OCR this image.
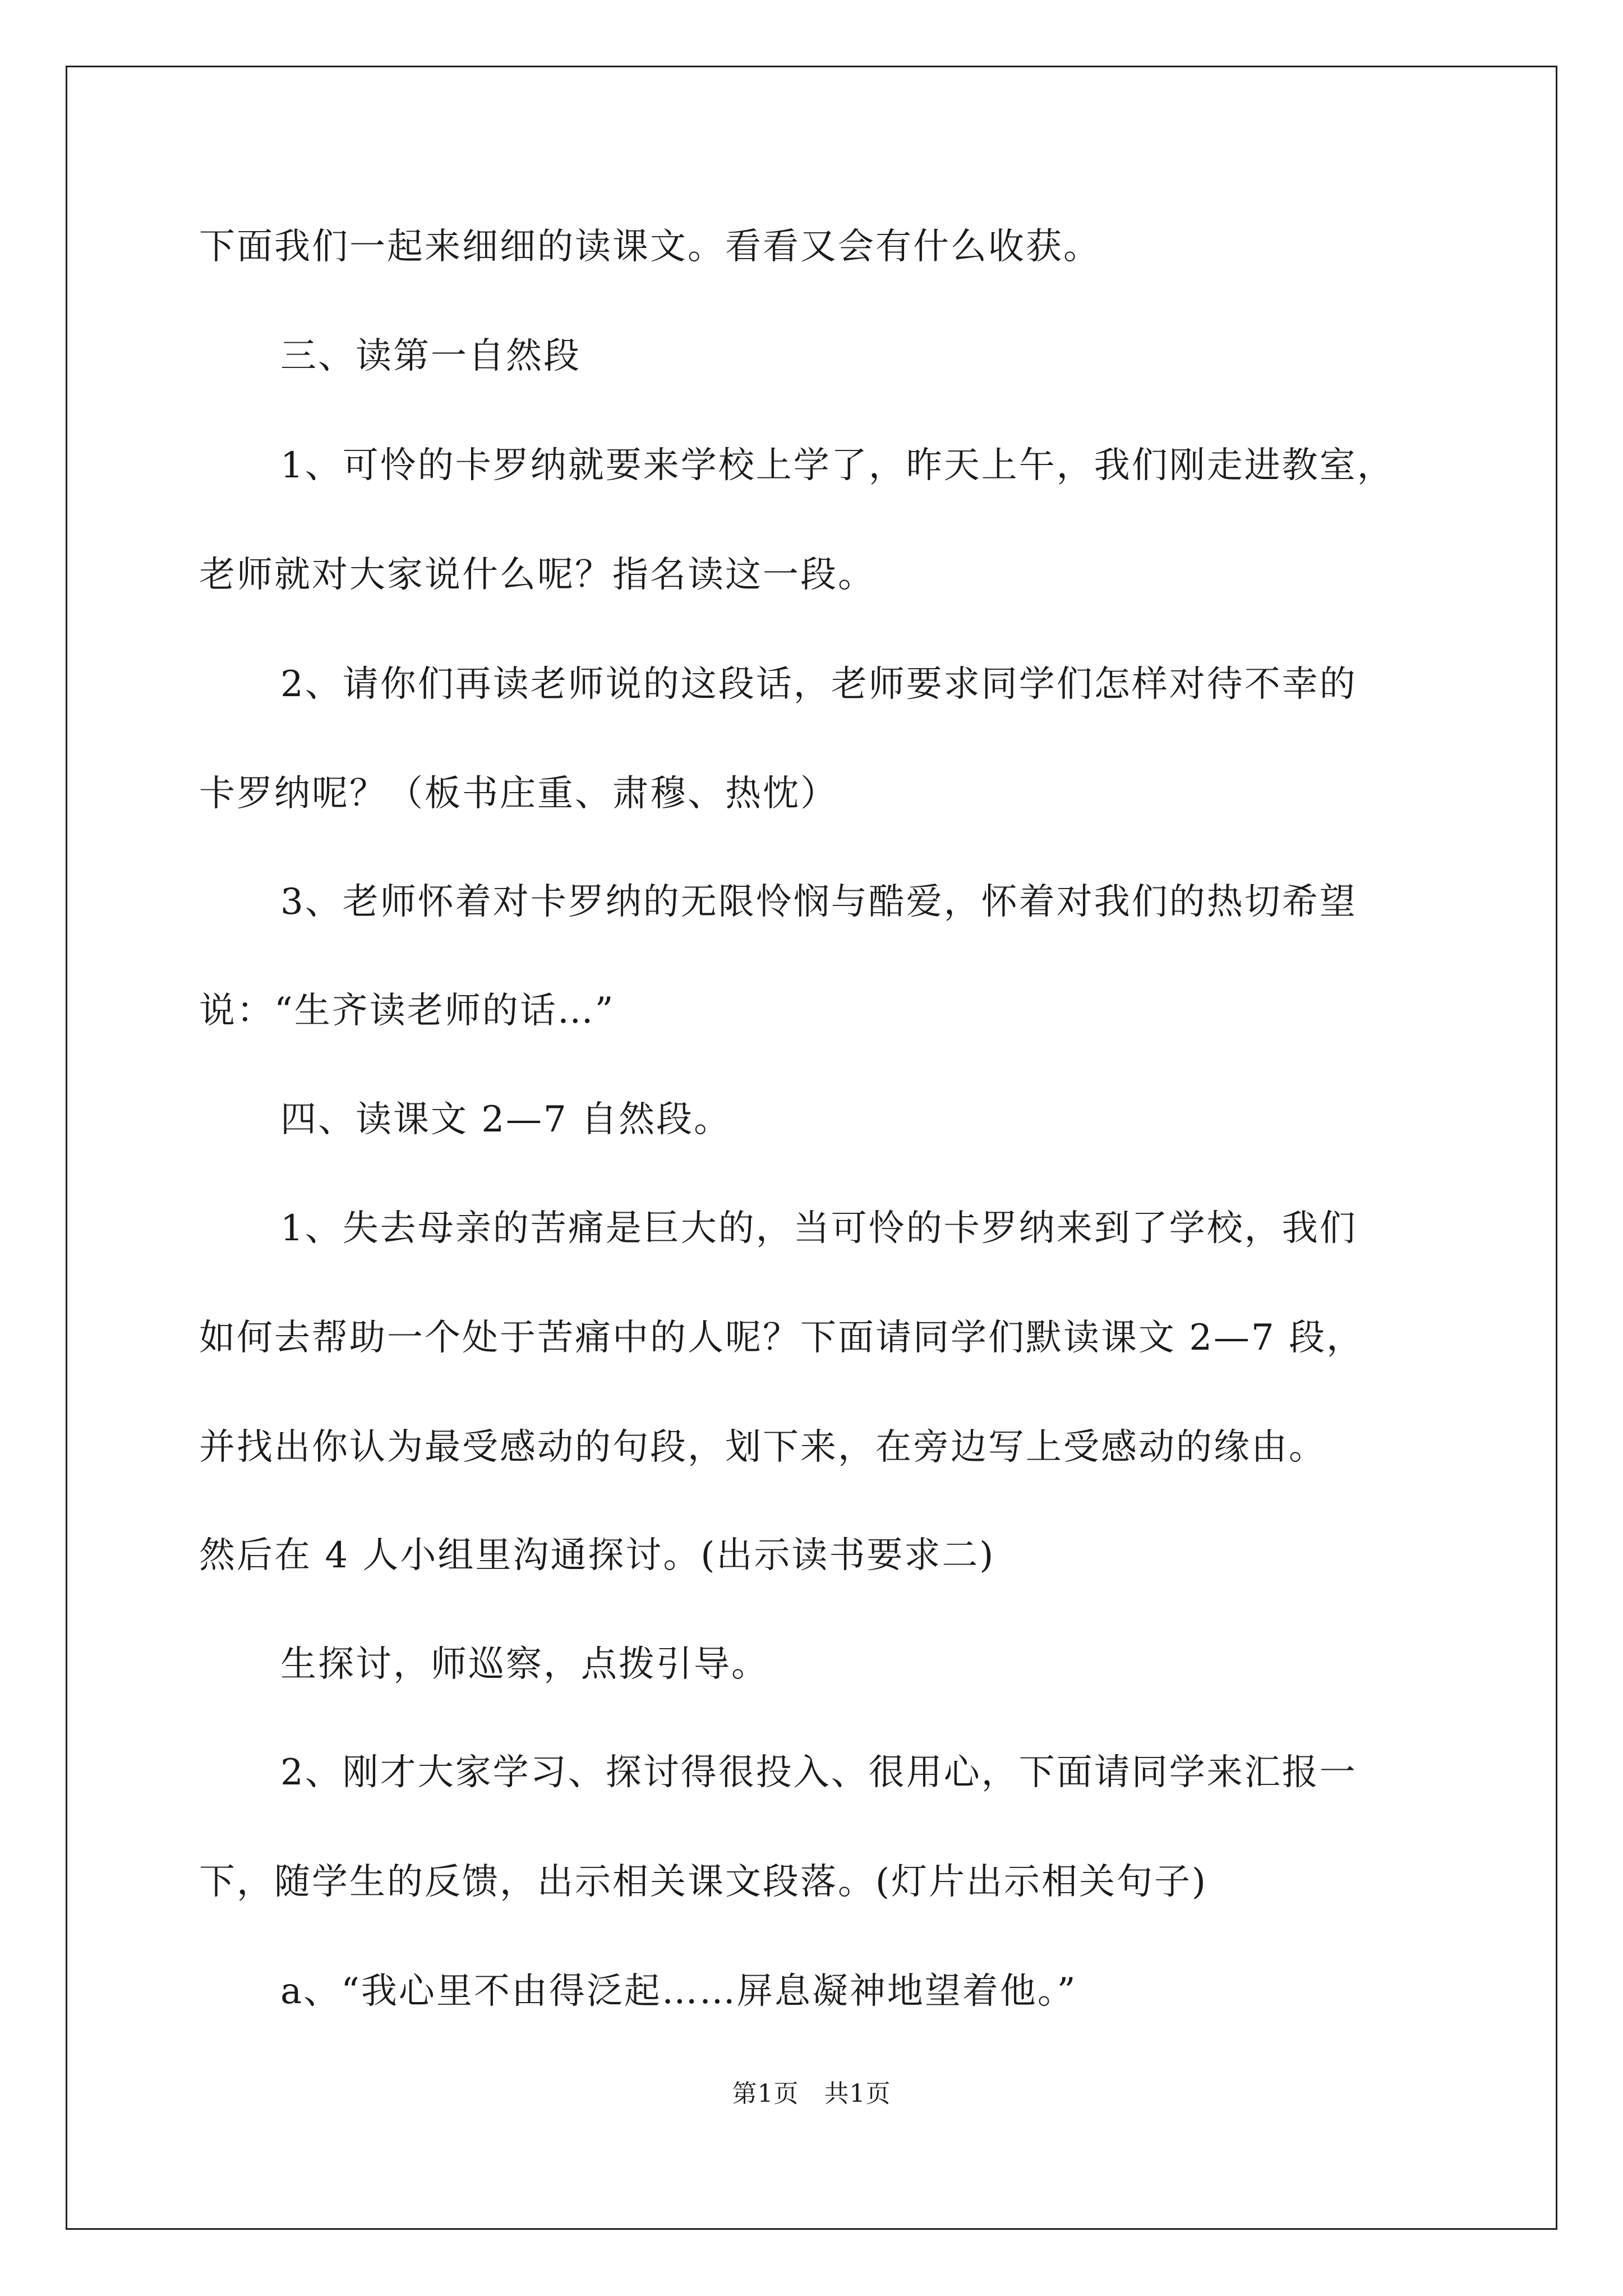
下面我们一起来细细的读课文。看看又会有什么收获。
三、读第一自然段
1、可怜的卡罗纳就要来学校上学了，昨天上午，我们刚走进教室，
老师就对大家说什么呢？指名读这一段。
2、请你们再读老师说的这段话，老师要求同学们怎样对待不幸的
卡罗纳呢？（板书庄重、肃穆、热忱）
3、老师怀着对卡罗纳的无限怜悯与酷爱，怀着对我们的热切希望
说：“生齐读老师的话…”
四、读课文 2—7 自然段。
1、失去母亲的苦痛是巨大的，当可怜的卡罗纳来到了学校，我们
如何去帮助一个处于苦痛中的人呢？下面请同学们默读课文 2—7 段，
并找出你认为最受感动的句段，划下来，在旁边写上受感动的缘由。
然后在 4 人小组里沟通探讨。(出示读书要求二)
生探讨，师巡察，点拨引导。
2、刚才大家学习、探讨得很投入、很用心，下面请同学来汇报一
下，随学生的反馈，出示相关课文段落。(灯片出示相关句子)
a、“我心里不由得泛起……屏息凝神地望着他。”
第1页　共1页
